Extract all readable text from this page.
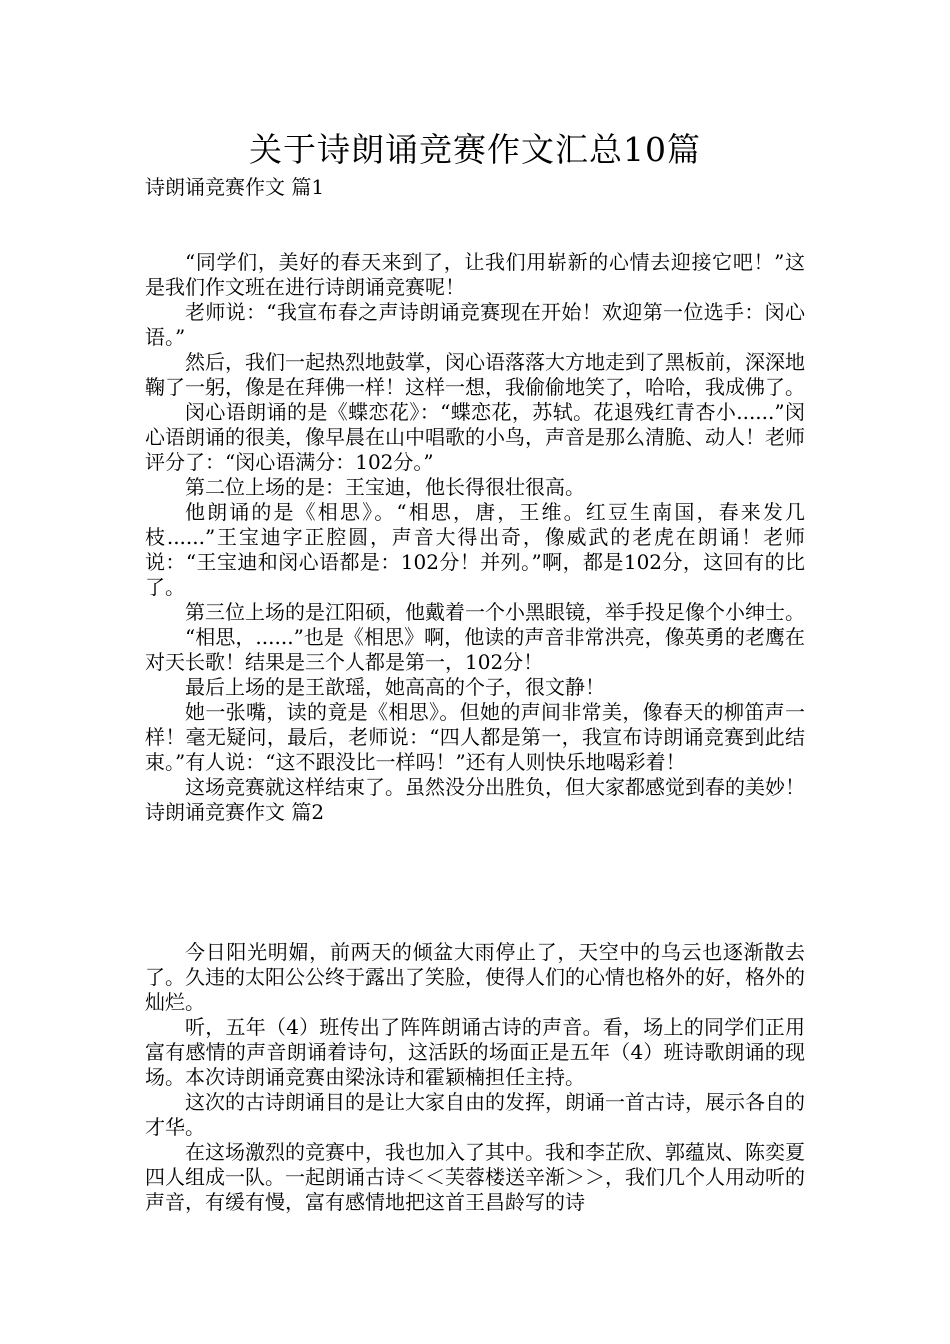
关于诗朗诵竞赛作文汇总10篇
诗朗诵竞赛作文 篇1

“同学们，美好的春天来到了，让我们用崭新的心情去迎接它吧！”这是我们作文班在进行诗朗诵竞赛呢！

老师说：“我宣布春之声诗朗诵竞赛现在开始！欢迎第一位选手：闵心语。”

然后，我们一起热烈地鼓掌，闵心语落落大方地走到了黑板前，深深地鞠了一躬，像是在拜佛一样！这样一想，我偷偷地笑了，哈哈，我成佛了。

闵心语朗诵的是《蝶恋花》：“蝶恋花，苏轼。花退残红青杏小......”闵心语朗诵的很美，像早晨在山中唱歌的小鸟，声音是那么清脆、动人！老师评分了：“闵心语满分：102分。”

第二位上场的是：王宝迪，他长得很壮很高。

他朗诵的是《相思》。“相思，唐，王维。红豆生南国，春来发几枝......”王宝迪字正腔圆，声音大得出奇，像威武的老虎在朗诵！老师说：“王宝迪和闵心语都是：102分！并列。”啊，都是102分，这回有的比了。

第三位上场的是江阳硕，他戴着一个小黑眼镜，举手投足像个小绅士。

“相思，......”也是《相思》啊，他读的声音非常洪亮，像英勇的老鹰在对天长歌！结果是三个人都是第一，102分！

最后上场的是王歆瑶，她高高的个子，很文静！

她一张嘴，读的竟是《相思》。但她的声间非常美，像春天的柳笛声一样！毫无疑问，最后，老师说：“四人都是第一，我宣布诗朗诵竞赛到此结束。”有人说：“这不跟没比一样吗！”还有人则快乐地喝彩着！

这场竞赛就这样结束了。虽然没分出胜负，但大家都感觉到春的美妙！诗朗诵竞赛作文 篇2

今日阳光明媚，前两天的倾盆大雨停止了，天空中的乌云也逐渐散去了。久违的太阳公公终于露出了笑脸，使得人们的心情也格外的好，格外的灿烂。

听，五年（4）班传出了阵阵朗诵古诗的声音。看，场上的同学们正用富有感情的声音朗诵着诗句，这活跃的场面正是五年（4）班诗歌朗诵的现场。本次诗朗诵竞赛由梁泳诗和霍颖楠担任主持。

这次的古诗朗诵目的是让大家自由的发挥，朗诵一首古诗，展示各自的才华。

在这场激烈的竞赛中，我也加入了其中。我和李芷欣、郭蕴岚、陈奕夏四人组成一队。一起朗诵古诗＜＜芙蓉楼送辛渐＞＞，我们几个人用动听的声音，有缓有慢，富有感情地把这首王昌龄写的诗
